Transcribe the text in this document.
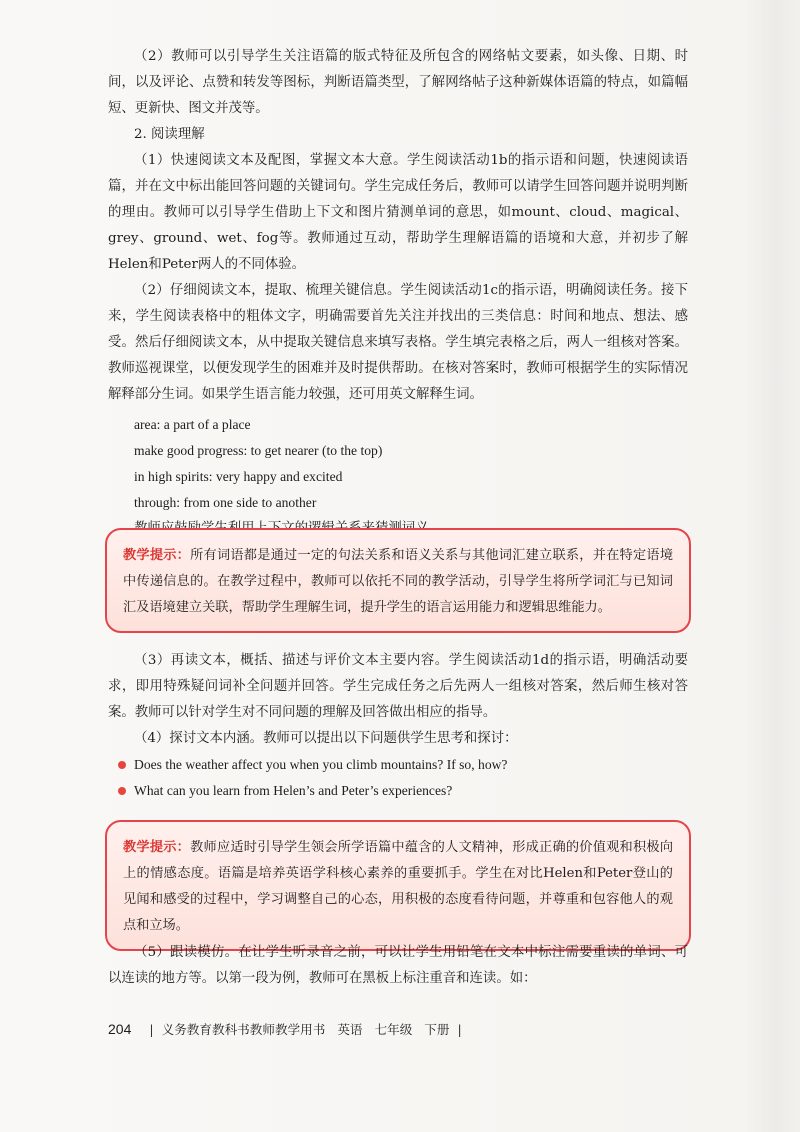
（2）教师可以引导学生关注语篇的版式特征及所包含的网络帖文要素，如头像、日期、时间，以及评论、点赞和转发等图标，判断语篇类型，了解网络帖子这种新媒体语篇的特点，如篇幅短、更新快、图文并茂等。

2. 阅读理解

（1）快速阅读文本及配图，掌握文本大意。学生阅读活动1b的指示语和问题，快速阅读语篇，并在文中标出能回答问题的关键词句。学生完成任务后，教师可以请学生回答问题并说明判断的理由。教师可以引导学生借助上下文和图片猜测单词的意思，如mount、cloud、magical、grey、ground、wet、fog等。教师通过互动，帮助学生理解语篇的语境和大意，并初步了解Helen和Peter两人的不同体验。

（2）仔细阅读文本，提取、梳理关键信息。学生阅读活动1c的指示语，明确阅读任务。接下来，学生阅读表格中的粗体文字，明确需要首先关注并找出的三类信息：时间和地点、想法、感受。然后仔细阅读文本，从中提取关键信息来填写表格。学生填完表格之后，两人一组核对答案。教师巡视课堂，以便发现学生的困难并及时提供帮助。在核对答案时，教师可根据学生的实际情况解释部分生词。如果学生语言能力较强，还可用英文解释生词。

area: a part of a place

make good progress: to get nearer (to the top)

in high spirits: very happy and excited

through: from one side to another

教学提示：所有词语都是通过一定的句法关系和语义关系与其他词汇建立联系，并在特定语境中传递信息的。在教学过程中，教师可以依托不同的教学活动，引导学生将所学词汇与已知词汇及语境建立关联，帮助学生理解生词，提升学生的语言运用能力和逻辑思维能力。

（3）再读文本，概括、描述与评价文本主要内容。学生阅读活动1d的指示语，明确活动要求，即用特殊疑问词补全问题并回答。学生完成任务之后先两人一组核对答案，然后师生核对答案。教师可以针对学生对不同问题的理解及回答做出相应的指导。

（4）探讨文本内涵。教师可以提出以下问题供学生思考和探讨：

Does the weather affect you when you climb mountains? If so, how?
What can you learn from Helen’s and Peter’s experiences?
教学提示：教师应适时引导学生领会所学语篇中蕴含的人文精神，形成正确的价值观和积极向上的情感态度。语篇是培养英语学科核心素养的重要抓手。学生在对比Helen和Peter登山的见闻和感受的过程中，学习调整自己的心态，用积极的态度看待问题，并尊重和包容他人的观点和立场。

（5）跟读模仿。在让学生听录音之前，可以让学生用铅笔在文本中标注需要重读的单词、可以连读的地方等。以第一段为例，教师可在黑板上标注重音和连读。如：

204 | 义务教育教科书教师教学用书 英语 七年级 下册 |
